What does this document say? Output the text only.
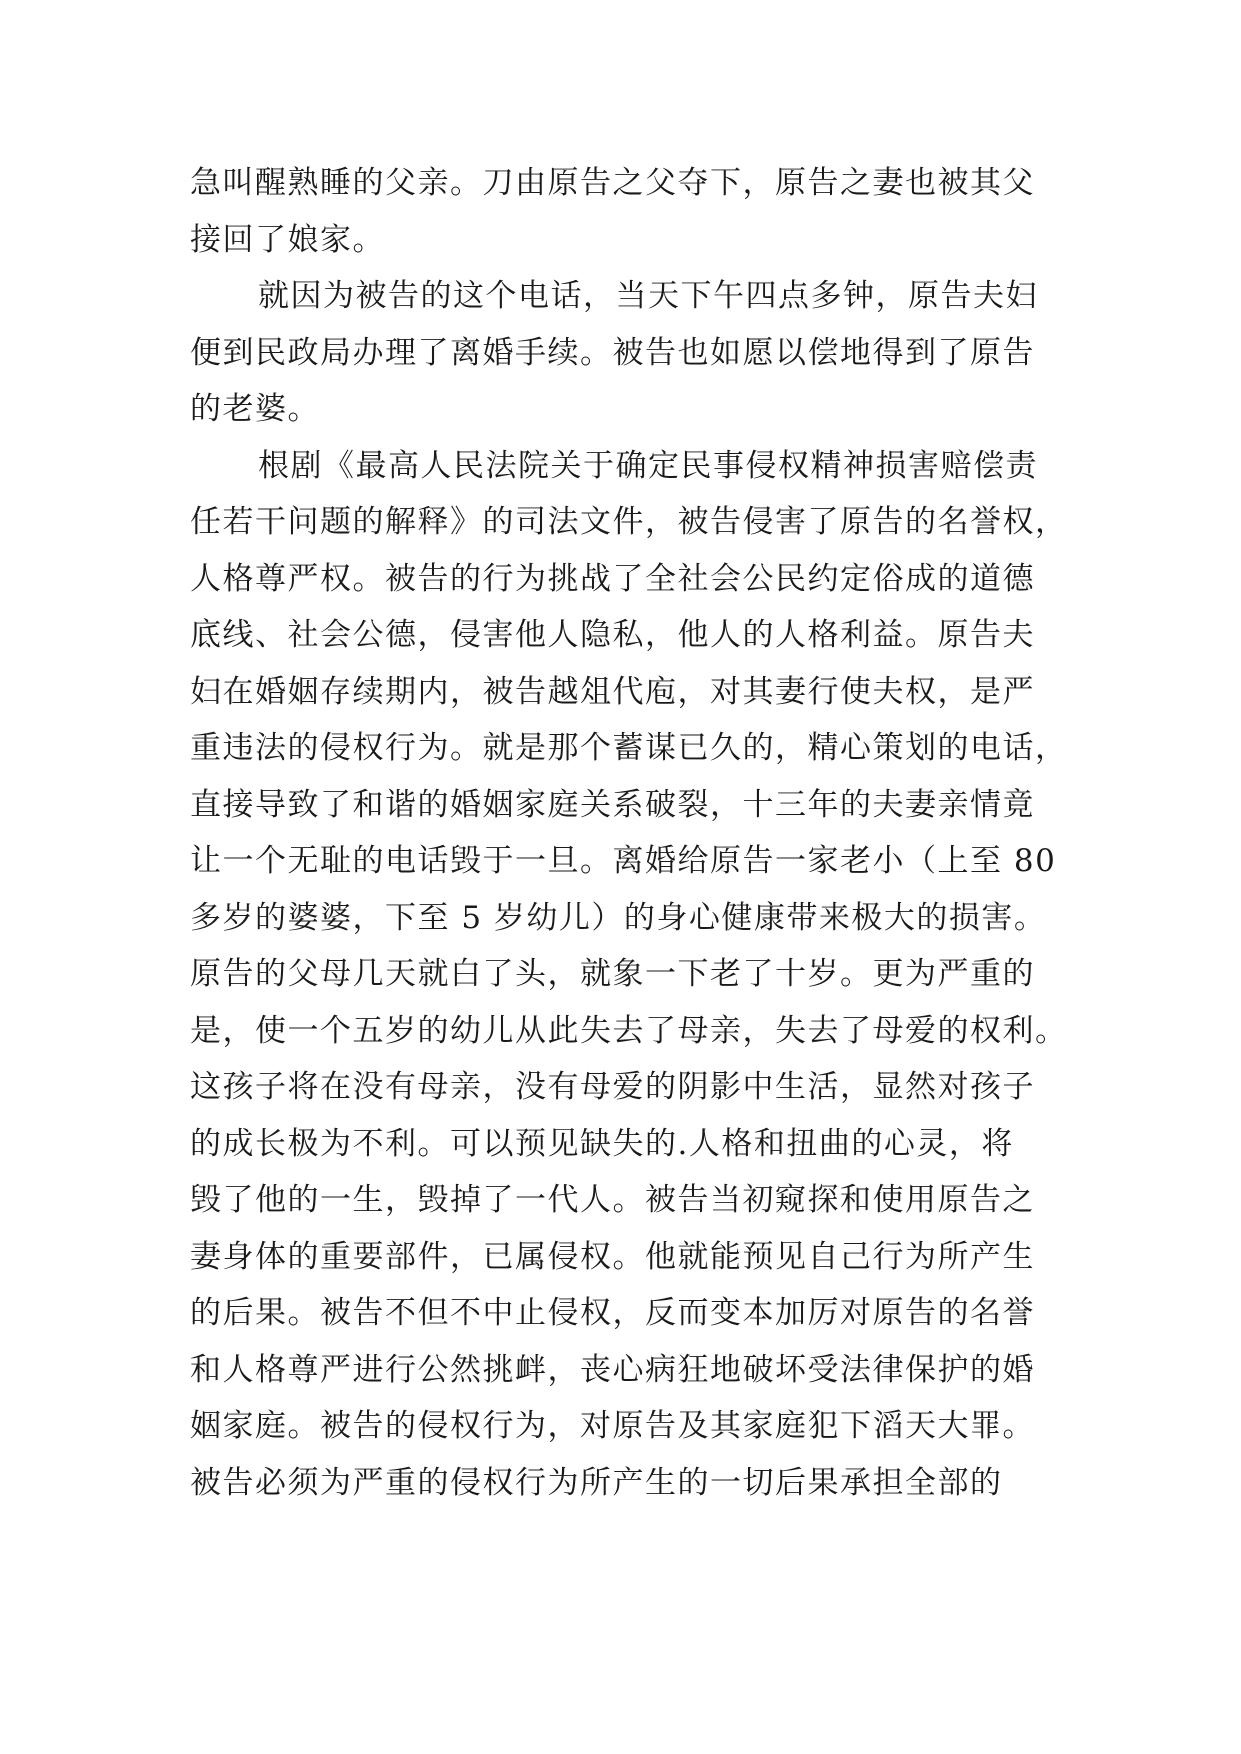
急叫醒熟睡的父亲。刀由原告之父夺下，原告之妻也被其父
接回了娘家。
就因为被告的这个电话，当天下午四点多钟，原告夫妇
便到民政局办理了离婚手续。被告也如愿以偿地得到了原告
的老婆。
根剧《最高人民法院关于确定民事侵权精神损害赔偿责
任若干问题的解释》的司法文件，被告侵害了原告的名誉权，
人格尊严权。被告的行为挑战了全社会公民约定俗成的道德
底线、社会公德，侵害他人隐私，他人的人格利益。原告夫
妇在婚姻存续期内，被告越俎代庖，对其妻行使夫权，是严
重违法的侵权行为。就是那个蓄谋已久的，精心策划的电话，
直接导致了和谐的婚姻家庭关系破裂，十三年的夫妻亲情竟
让一个无耻的电话毁于一旦。离婚给原告一家老小（上至 80
多岁的婆婆，下至 5 岁幼儿）的身心健康带来极大的损害。
原告的父母几天就白了头，就象一下老了十岁。更为严重的
是，使一个五岁的幼儿从此失去了母亲，失去了母爱的权利。
这孩子将在没有母亲，没有母爱的阴影中生活，显然对孩子
的成长极为不利。可以预见缺失的.人格和扭曲的心灵，将
毁了他的一生，毁掉了一代人。被告当初窥探和使用原告之
妻身体的重要部件，已属侵权。他就能预见自己行为所产生
的后果。被告不但不中止侵权，反而变本加厉对原告的名誉
和人格尊严进行公然挑衅，丧心病狂地破坏受法律保护的婚
姻家庭。被告的侵权行为，对原告及其家庭犯下滔天大罪。
被告必须为严重的侵权行为所产生的一切后果承担全部的
